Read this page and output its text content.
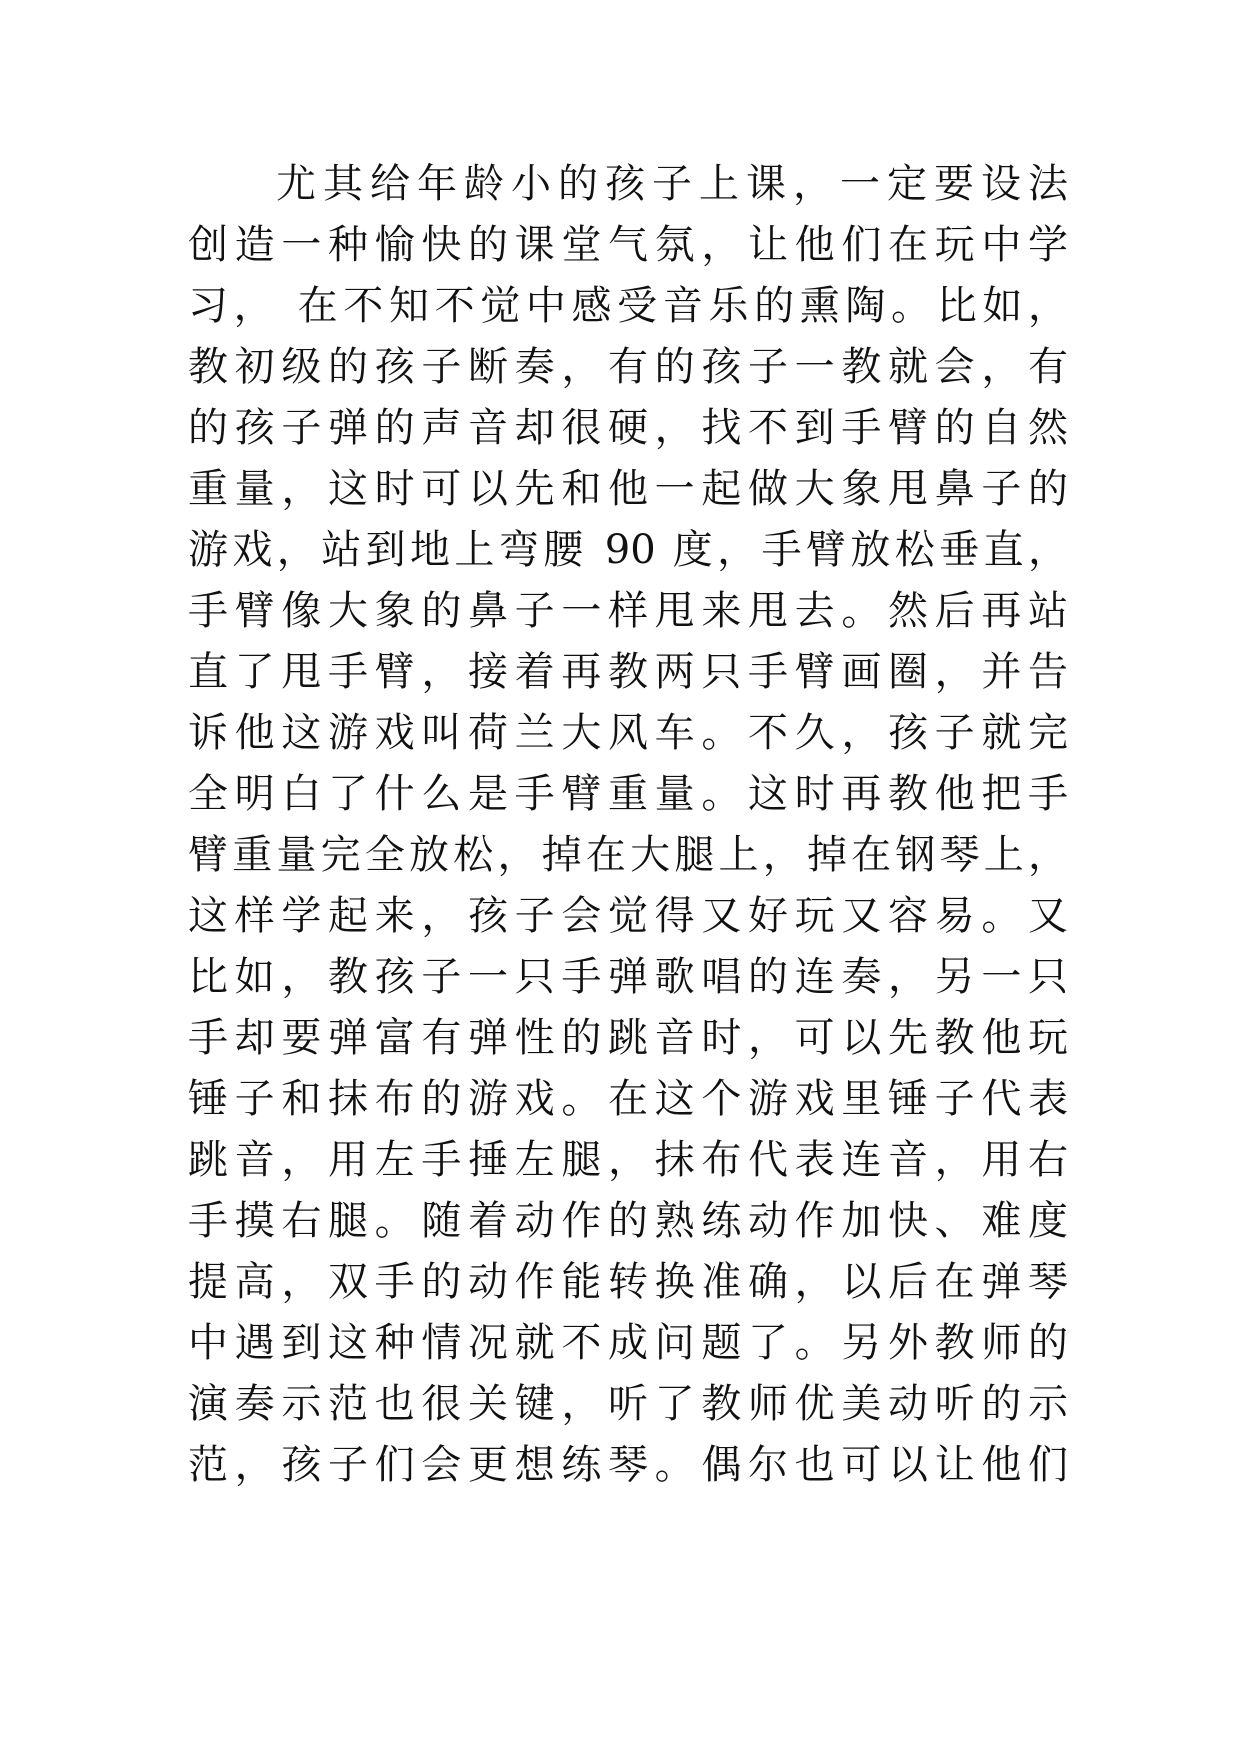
尤其给年龄小的孩子上课，一定要设法
创造一种愉快的课堂气氛，让他们在玩中学
习， 在不知不觉中感受音乐的熏陶。比如，
教初级的孩子断奏，有的孩子一教就会，有
的孩子弹的声音却很硬，找不到手臂的自然
重量，这时可以先和他一起做大象甩鼻子的
游戏，站到地上弯腰 90 度，手臂放松垂直，
手臂像大象的鼻子一样甩来甩去。然后再站
直了甩手臂，接着再教两只手臂画圈，并告
诉他这游戏叫荷兰大风车。不久，孩子就完
全明白了什么是手臂重量。这时再教他把手
臂重量完全放松，掉在大腿上，掉在钢琴上，
这样学起来，孩子会觉得又好玩又容易。又
比如，教孩子一只手弹歌唱的连奏，另一只
手却要弹富有弹性的跳音时，可以先教他玩
锤子和抹布的游戏。在这个游戏里锤子代表
跳音，用左手捶左腿，抹布代表连音，用右
手摸右腿。随着动作的熟练动作加快、难度
提高，双手的动作能转换准确，以后在弹琴
中遇到这种情况就不成问题了。另外教师的
演奏示范也很关键，听了教师优美动听的示
范，孩子们会更想练琴。偶尔也可以让他们
